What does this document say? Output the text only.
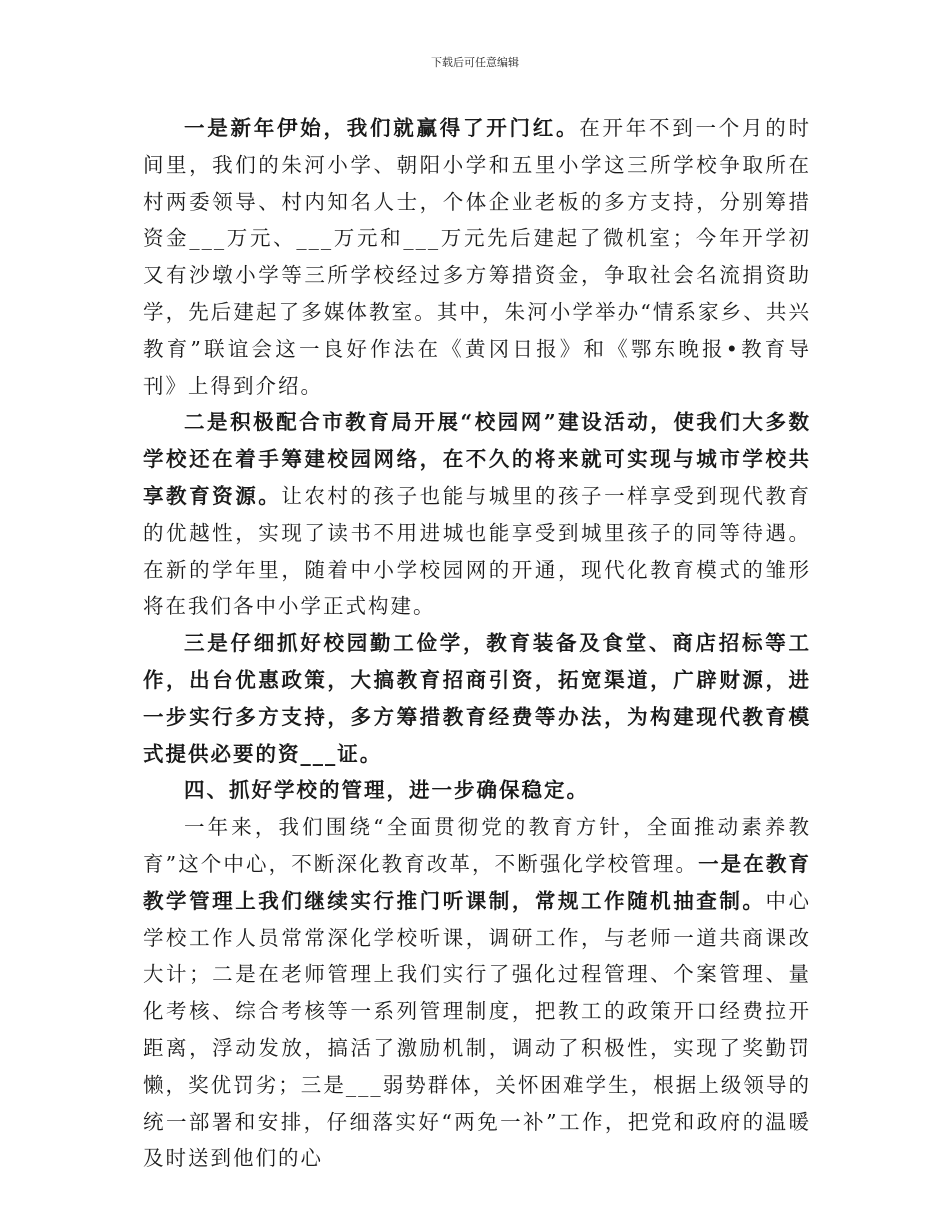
下载后可任意编辑

一是新年伊始，我们就赢得了开门红。在开年不到一个月的时间里，我们的朱河小学、朝阳小学和五里小学这三所学校争取所在村两委领导、村内知名人士，个体企业老板的多方支持，分别筹措资金___万元、___万元和___万元先后建起了微机室；今年开学初又有沙墩小学等三所学校经过多方筹措资金，争取社会名流捐资助学，先后建起了多媒体教室。其中，朱河小学举办“情系家乡、共兴教育”联谊会这一良好作法在《黄冈日报》和《鄂东晚报•教育导刊》上得到介绍。

二是积极配合市教育局开展“校园网”建设活动，使我们大多数学校还在着手筹建校园网络，在不久的将来就可实现与城市学校共享教育资源。让农村的孩子也能与城里的孩子一样享受到现代教育的优越性，实现了读书不用进城也能享受到城里孩子的同等待遇。在新的学年里，随着中小学校园网的开通，现代化教育模式的雏形将在我们各中小学正式构建。

三是仔细抓好校园勤工俭学，教育装备及食堂、商店招标等工作，出台优惠政策，大搞教育招商引资，拓宽渠道，广辟财源，进一步实行多方支持，多方筹措教育经费等办法，为构建现代教育模式提供必要的资___证。

四、抓好学校的管理，进一步确保稳定。

一年来，我们围绕“全面贯彻党的教育方针，全面推动素养教育”这个中心，不断深化教育改革，不断强化学校管理。一是在教育教学管理上我们继续实行推门听课制，常规工作随机抽查制。中心学校工作人员常常深化学校听课，调研工作，与老师一道共商课改大计；二是在老师管理上我们实行了强化过程管理、个案管理、量化考核、综合考核等一系列管理制度，把教工的政策开口经费拉开距离，浮动发放，搞活了激励机制，调动了积极性，实现了奖勤罚懒，奖优罚劣；三是___弱势群体，关怀困难学生，根据上级领导的统一部署和安排，仔细落实好“两免一补”工作，把党和政府的温暖及时送到他们的心
